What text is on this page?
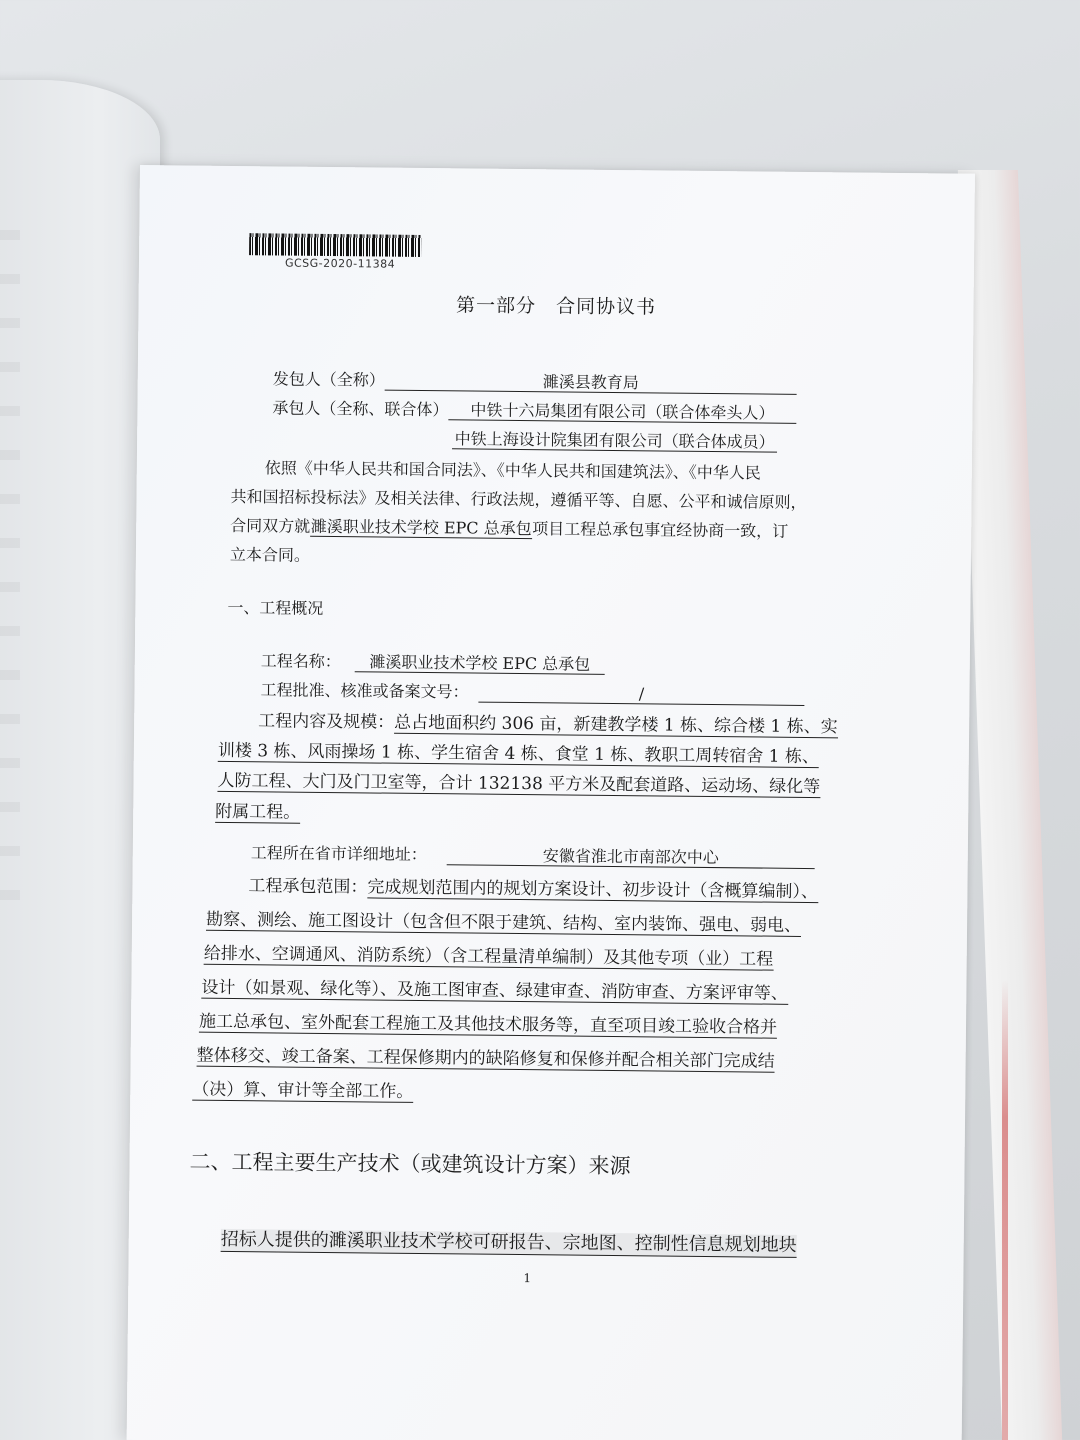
GCSG-2020-11384
第一部分　合同协议书
发包人（全称）	濉溪县教育局
承包人（全称、联合体） 中铁十六局集团有限公司（联合体牵头人）
中铁上海设计院集团有限公司（联合体成员）
依照《中华人民共和国合同法》、《中华人民共和国建筑法》、《中华人民
共和国招标投标法》及相关法律、行政法规，遵循平等、自愿、公平和诚信原则，
合同双方就濉溪职业技术学校 EPC 总承包项目工程总承包事宜经协商一致，订
立本合同。
一、工程概况
工程名称： 濉溪职业技术学校 EPC 总承包
工程批准、核准或备案文号：	/
工程内容及规模：总占地面积约 306 亩，新建教学楼 1 栋、综合楼 1 栋、实
训楼 3 栋、风雨操场 1 栋、学生宿舍 4 栋、食堂 1 栋、教职工周转宿舍 1 栋、
人防工程、大门及门卫室等，合计 132138 平方米及配套道路、运动场、绿化等
附属工程。
工程所在省市详细地址：	安徽省淮北市南部次中心
工程承包范围：完成规划范围内的规划方案设计、初步设计（含概算编制）、
勘察、测绘、施工图设计（包含但不限于建筑、结构、室内装饰、强电、弱电、
给排水、空调通风、消防系统）（含工程量清单编制）及其他专项（业）工程
设计（如景观、绿化等）、及施工图审查、绿建审查、消防审查、方案评审等、
施工总承包、室外配套工程施工及其他技术服务等，直至项目竣工验收合格并
整体移交、竣工备案、工程保修期内的缺陷修复和保修并配合相关部门完成结
（决）算、审计等全部工作。
二、工程主要生产技术（或建筑设计方案）来源
招标人提供的濉溪职业技术学校可研报告、宗地图、控制性信息规划地块
1
